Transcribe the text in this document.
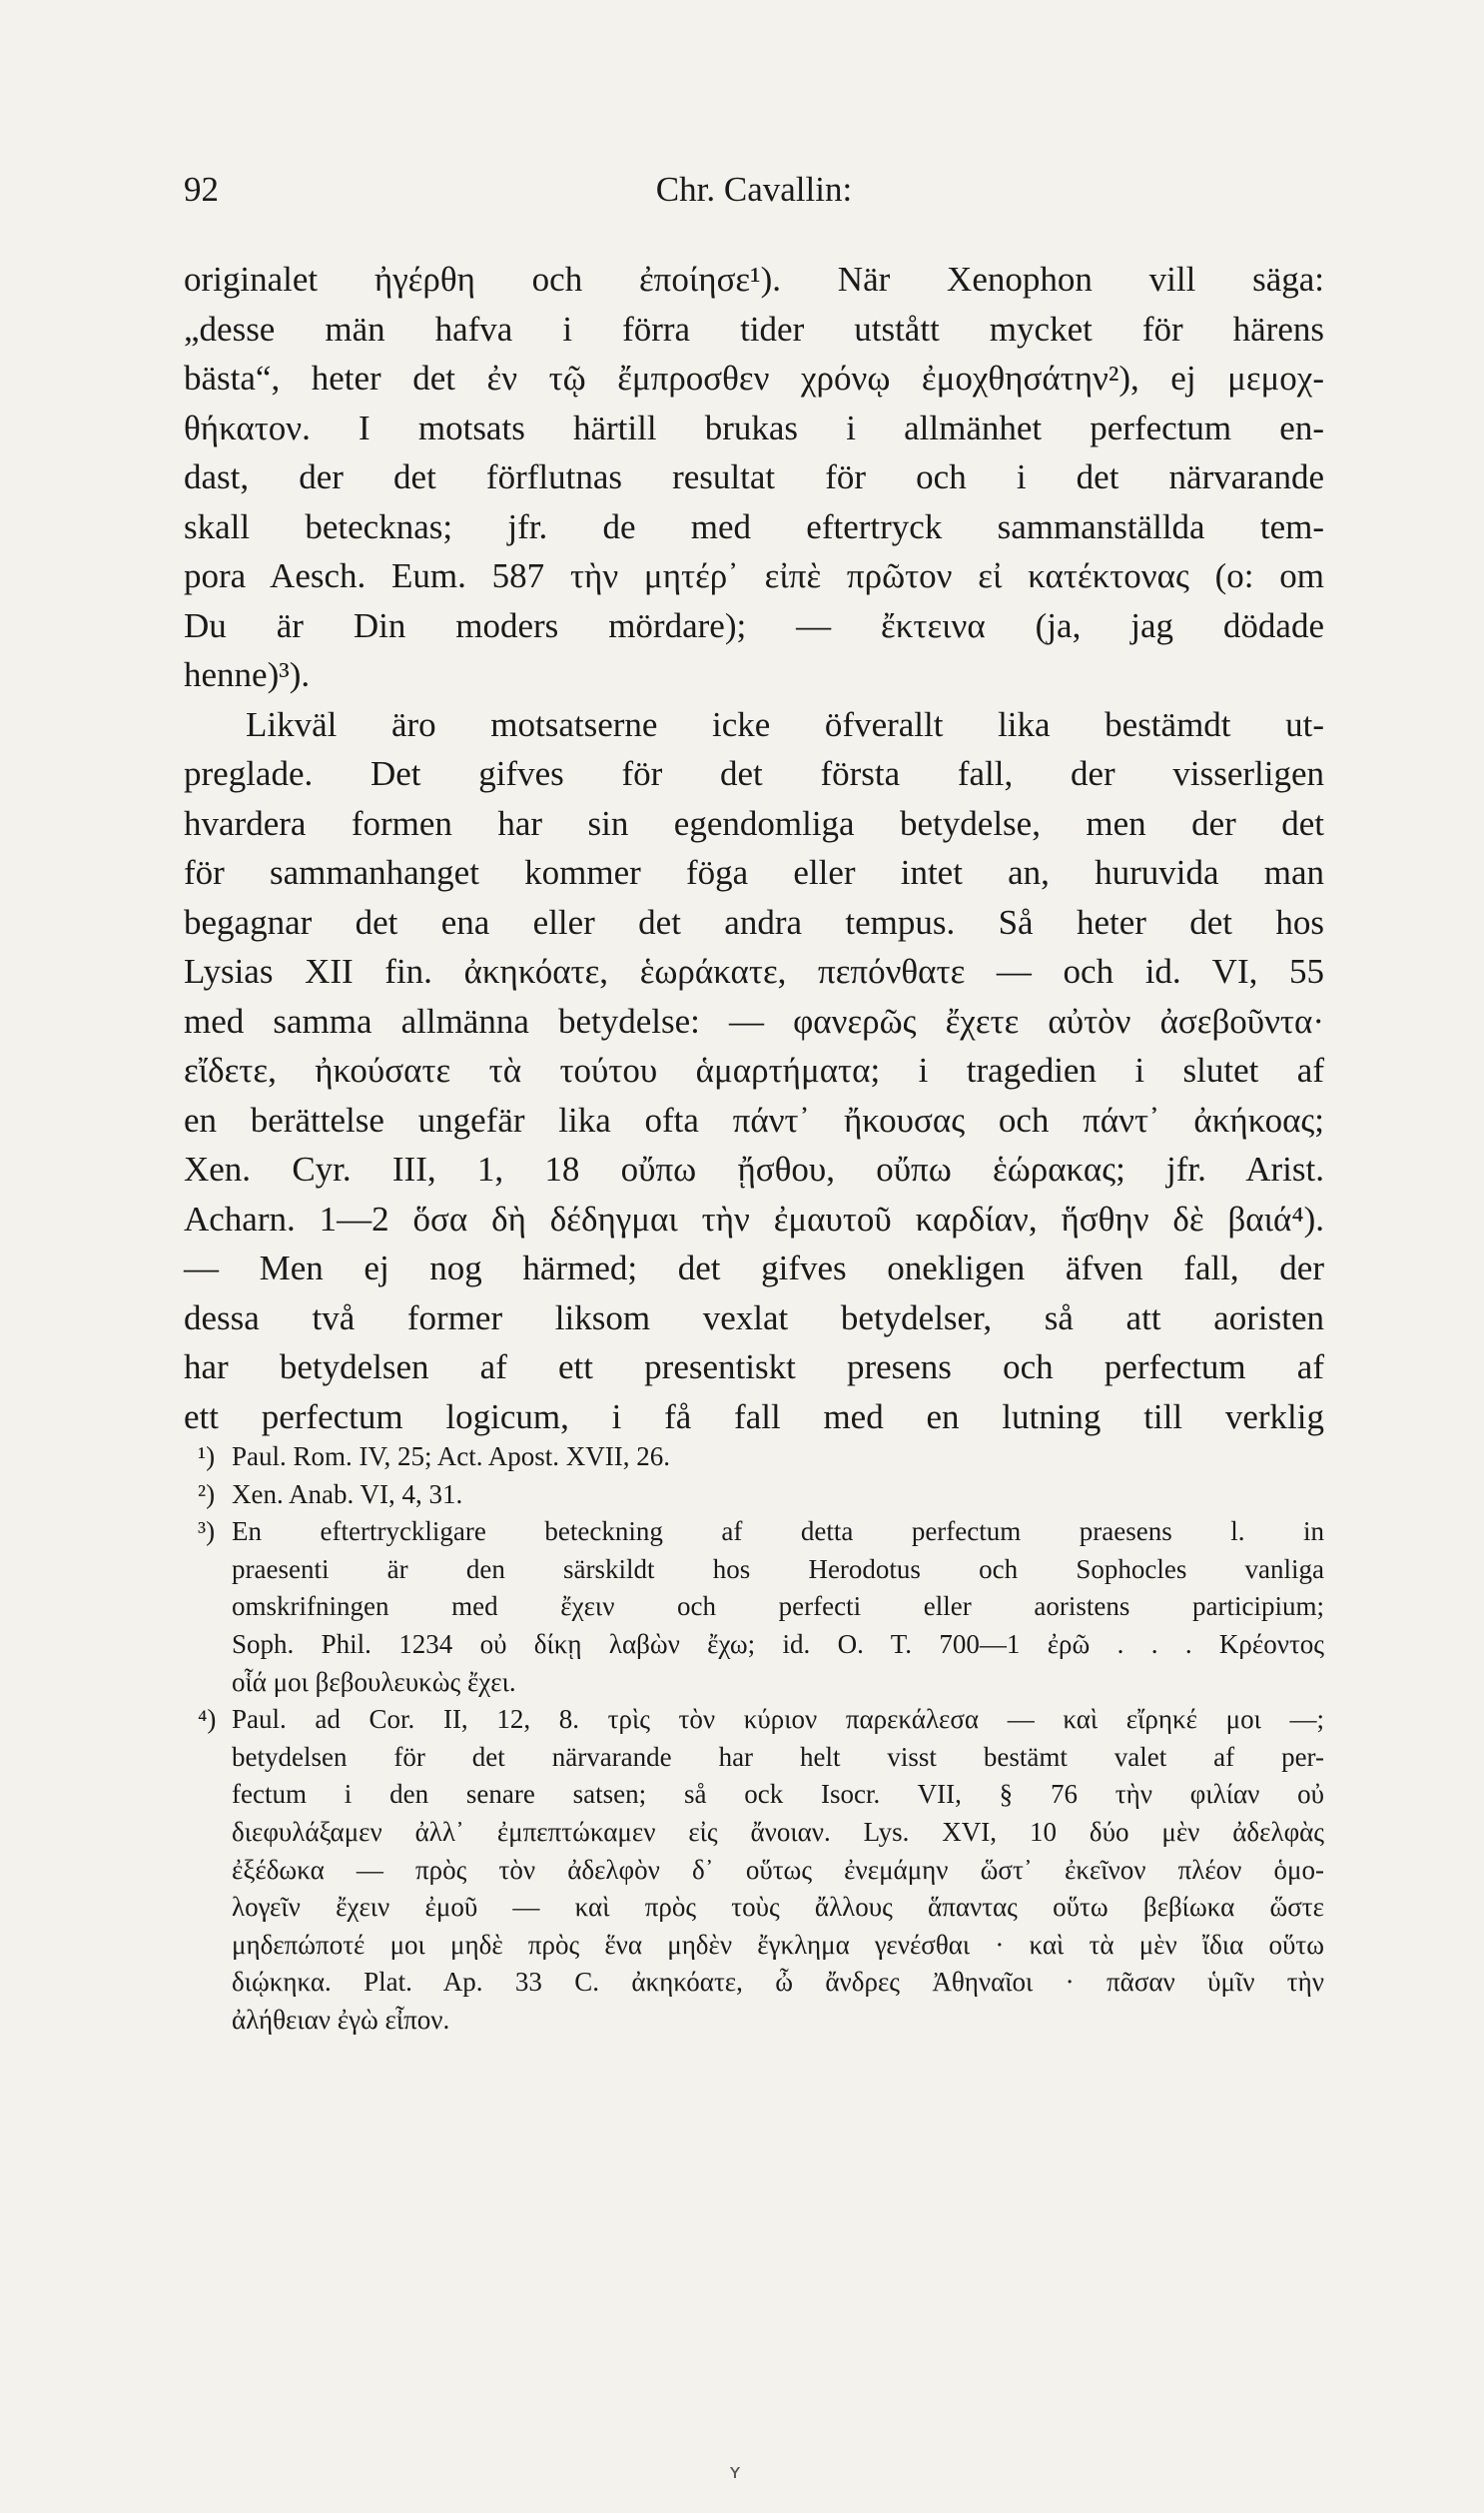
92	Chr. Cavallin:
originalet ἠγέρθη och ἐποίησε¹). När Xenophon vill säga:
„desse män hafva i förra tider utstått mycket för härens
bästa“, heter det ἐν τῷ ἔμπροσθεν χρόνῳ ἐμοχθησάτην²), ej μεμοχ-
θήκατον. I motsats härtill brukas i allmänhet perfectum en-
dast, der det förflutnas resultat för och i det närvarande
skall betecknas; jfr. de med eftertryck sammanställda tem-
pora Aesch. Eum. 587 τὴν μητέρ᾽ εἰπὲ πρῶτον εἰ κατέκτονας (o: om
Du är Din moders mördare); — ἔκτεινα (ja, jag dödade
henne)³).
Likväl äro motsatserne icke öfverallt lika bestämdt ut-
preglade. Det gifves för det första fall, der visserligen
hvardera formen har sin egendomliga betydelse, men der det
för sammanhanget kommer föga eller intet an, huruvida man
begagnar det ena eller det andra tempus. Så heter det hos
Lysias XII fin. ἀκηκόατε, ἑωράκατε, πεπόνθατε — och id. VI, 55
med samma allmänna betydelse: — φανερῶς ἔχετε αὐτὸν ἀσεβοῦντα·
εἴδετε, ἠκούσατε τὰ τούτου ἁμαρτήματα; i tragedien i slutet af
en berättelse ungefär lika ofta πάντ᾽ ἤκουσας och πάντ᾽ ἀκήκοας;
Xen. Cyr. III, 1, 18 οὔπω ᾔσθου, οὔπω ἑώρακας; jfr. Arist.
Acharn. 1—2 ὅσα δὴ δέδηγμαι τὴν ἐμαυτοῦ καρδίαν, ἥσθην δὲ βαιά⁴).
— Men ej nog härmed; det gifves onekligen äfven fall, der
dessa två former liksom vexlat betydelser, så att aoristen
har betydelsen af ett presentiskt presens och perfectum af
ett perfectum logicum, i få fall med en lutning till verklig
¹) Paul. Rom. IV, 25; Act. Apost. XVII, 26.
²) Xen. Anab. VI, 4, 31.
³) En eftertryckligare beteckning af detta perfectum praesens l. in
praesenti är den särskildt hos Herodotus och Sophocles vanliga
omskrifningen med ἔχειν och perfecti eller aoristens participium;
Soph. Phil. 1234 οὐ δίκῃ λαβὼν ἔχω; id. O. T. 700—1 ἐρῶ . . . Κρέοντος
οἷά μοι βεβουλευκὼς ἔχει.
⁴) Paul. ad Cor. II, 12, 8. τρὶς τὸν κύριον παρεκάλεσα — καὶ εἴρηκέ μοι —;
betydelsen för det närvarande har helt visst bestämt valet af per-
fectum i den senare satsen; så ock Isocr. VII, § 76 τὴν φιλίαν οὐ
διεφυλάξαμεν ἀλλ᾽ ἐμπεπτώκαμεν εἰς ἄνοιαν. Lys. XVI, 10 δύο μὲν ἀδελφὰς
ἐξέδωκα — πρὸς τὸν ἀδελφὸν δ᾽ οὕτως ἐνεμάμην ὥστ᾽ ἐκεῖνον πλέον ὁμο-
λογεῖν ἔχειν ἐμοῦ — καὶ πρὸς τοὺς ἄλλους ἅπαντας οὕτω βεβίωκα ὥστε
μηδεπώποτέ μοι μηδὲ πρὸς ἕνα μηδὲν ἔγκλημα γενέσθαι · καὶ τὰ μὲν ἴδια οὕτω
διῴκηκα. Plat. Ap. 33 C. ἀκηκόατε, ὦ ἄνδρες Ἀθηναῖοι · πᾶσαν ὑμῖν τὴν
ἀλήθειαν ἐγὼ εἶπον.
ʏ
